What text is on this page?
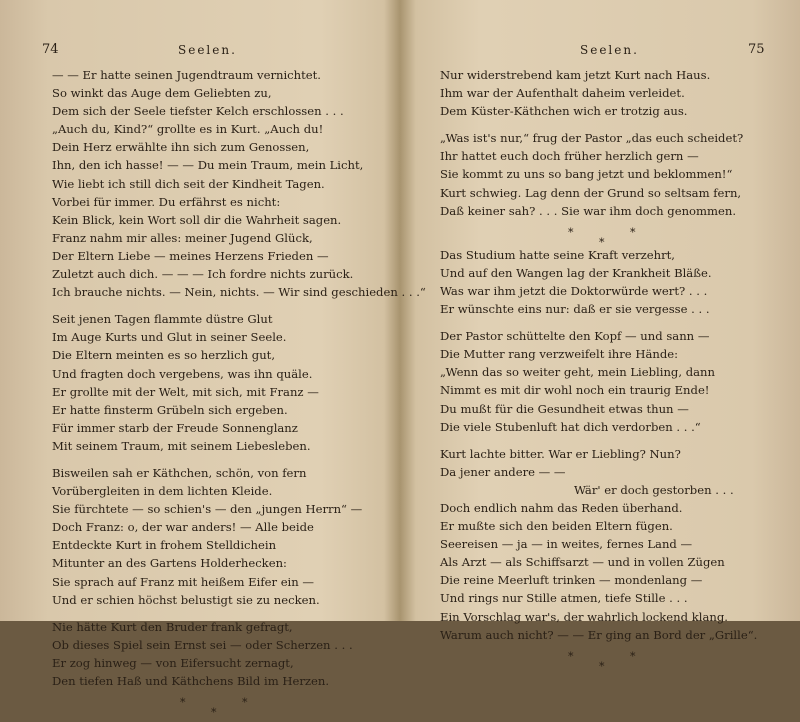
74	Seelen.
— — Er hatte seinen Jugendtraum vernichtet.
So winkt das Auge dem Geliebten zu,
Dem sich der Seele tiefster Kelch erschlossen . . .
„Auch du, Kind?“ grollte es in Kurt. „Auch du!
Dein Herz erwählte ihn sich zum Genossen,
Ihn, den ich hasse! — — Du mein Traum, mein Licht,
Wie liebt ich still dich seit der Kindheit Tagen.
Vorbei für immer. Du erfährst es nicht:
Kein Blick, kein Wort soll dir die Wahrheit sagen.
Franz nahm mir alles: meiner Jugend Glück,
Der Eltern Liebe — meines Herzens Frieden —
Zuletzt auch dich. — — — Ich fordre nichts zurück.
Ich brauche nichts. — Nein, nichts. — Wir sind geschieden . . .“
Seit jenen Tagen flammte düstre Glut
Im Auge Kurts und Glut in seiner Seele.
Die Eltern meinten es so herzlich gut,
Und fragten doch vergebens, was ihn quäle.
Er grollte mit der Welt, mit sich, mit Franz —
Er hatte finsterm Grübeln sich ergeben.
Für immer starb der Freude Sonnenglanz
Mit seinem Traum, mit seinem Liebesleben.
Bisweilen sah er Käthchen, schön, von fern
Vorübergleiten in dem lichten Kleide.
Sie fürchtete — so schien's — den „jungen Herrn“ —
Doch Franz: o, der war anders! — Alle beide
Entdeckte Kurt in frohem Stelldichein
Mitunter an des Gartens Holderhecken:
Sie sprach auf Franz mit heißem Eifer ein —
Und er schien höchst belustigt sie zu necken.
Nie hätte Kurt den Bruder frank gefragt,
Ob dieses Spiel sein Ernst sei — oder Scherzen . . .
Er zog hinweg — von Eifersucht zernagt,
Den tiefen Haß und Käthchens Bild im Herzen.
*	*
*
Seelen.	75
Nur widerstrebend kam jetzt Kurt nach Haus.
Ihm war der Aufenthalt daheim verleidet.
Dem Küster-Käthchen wich er trotzig aus.
„Was ist's nur,“ frug der Pastor „das euch scheidet?
Ihr hattet euch doch früher herzlich gern —
Sie kommt zu uns so bang jetzt und beklommen!“
Kurt schwieg. Lag denn der Grund so seltsam fern,
Daß keiner sah? . . . Sie war ihm doch genommen.
*	*
*
Das Studium hatte seine Kraft verzehrt,
Und auf den Wangen lag der Krankheit Bläße.
Was war ihm jetzt die Doktorwürde wert? . . .
Er wünschte eins nur: daß er sie vergesse . . .
Der Pastor schüttelte den Kopf — und sann —
Die Mutter rang verzweifelt ihre Hände:
„Wenn das so weiter geht, mein Liebling, dann
Nimmt es mit dir wohl noch ein traurig Ende!
Du mußt für die Gesundheit etwas thun —
Die viele Stubenluft hat dich verdorben . . .“
Kurt lachte bitter. War er Liebling? Nun?
Da jener andere — —
Wär' er doch gestorben . . .
Doch endlich nahm das Reden überhand.
Er mußte sich den beiden Eltern fügen.
Seereisen — ja — in weites, fernes Land —
Als Arzt — als Schiffsarzt — und in vollen Zügen
Die reine Meerluft trinken — mondenlang —
Und rings nur Stille atmen, tiefe Stille . . .
Ein Vorschlag war's, der wahrlich lockend klang.
Warum auch nicht? — — Er ging an Bord der „Grille“.
*	*
*
